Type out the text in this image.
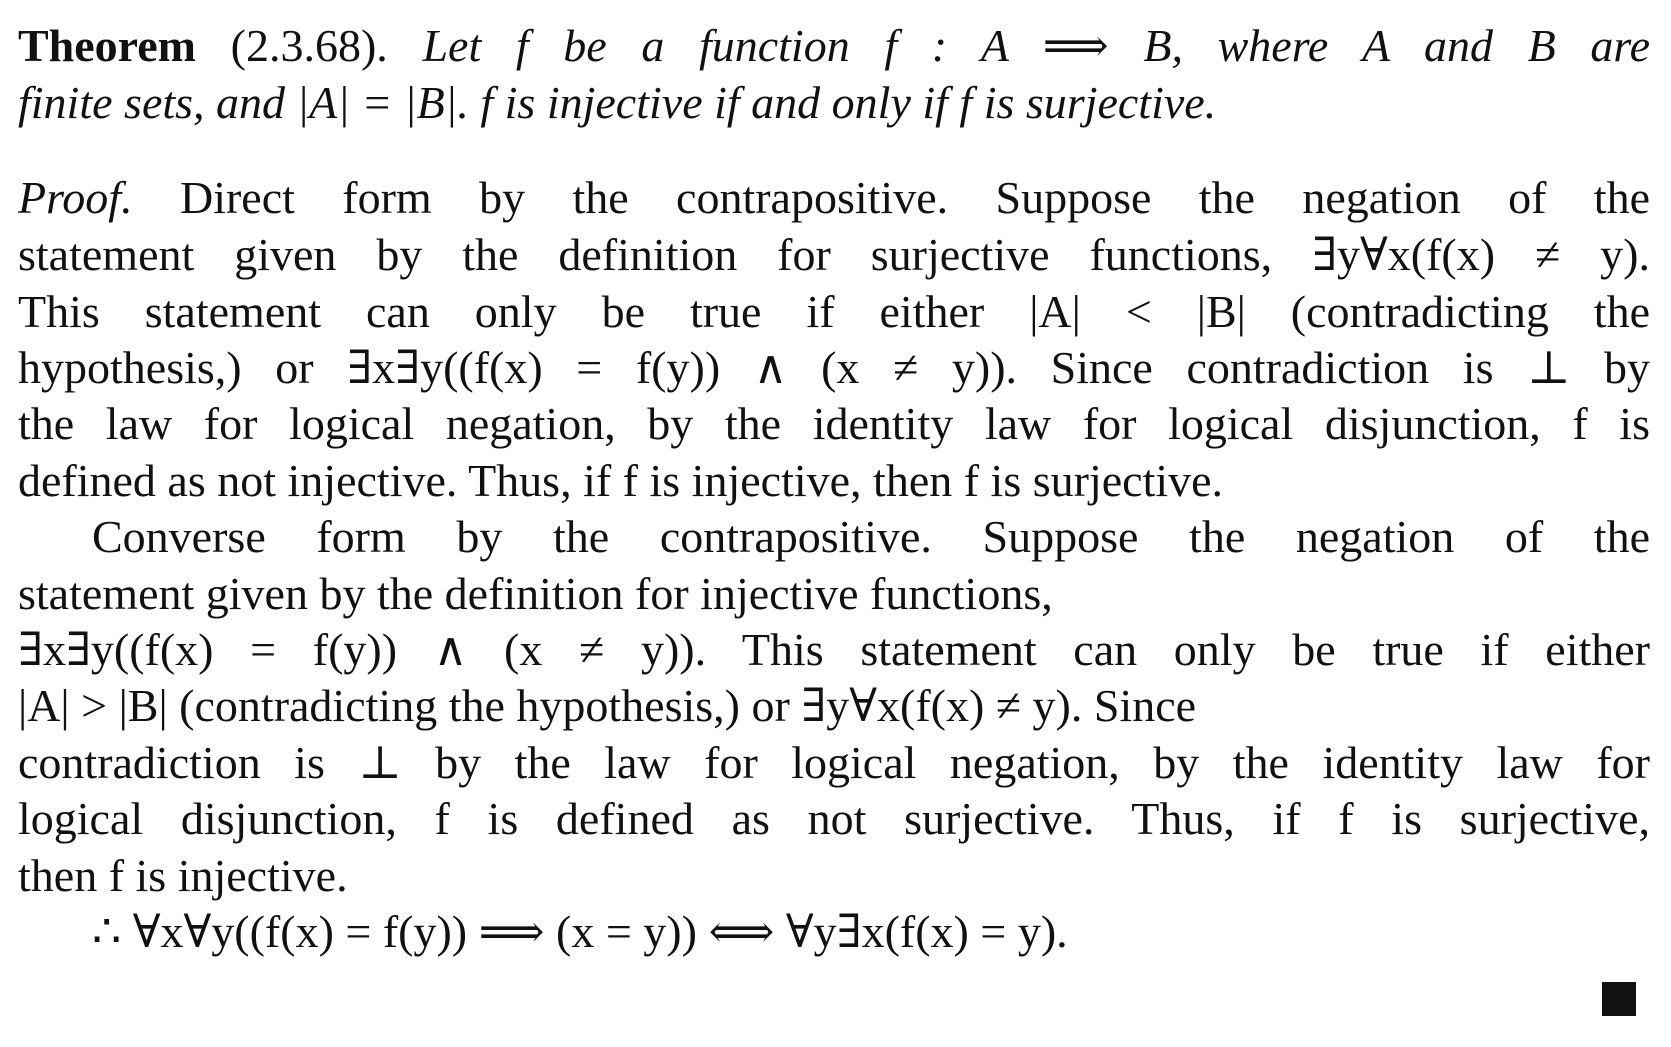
Theorem (2.3.68). Let f be a function f : A ⟹ B, where A and B are
finite sets, and |A| = |B|. f is injective if and only if f is surjective.
Proof. Direct form by the contrapositive. Suppose the negation of the
statement given by the definition for surjective functions, ∃y∀x(f(x) ≠ y).
This statement can only be true if either |A| < |B| (contradicting the
hypothesis,) or ∃x∃y((f(x) = f(y)) ∧ (x ≠ y)). Since contradiction is ⊥ by
the law for logical negation, by the identity law for logical disjunction, f is
defined as not injective. Thus, if f is injective, then f is surjective.
Converse form by the contrapositive. Suppose the negation of the
statement given by the definition for injective functions,
∃x∃y((f(x) = f(y)) ∧ (x ≠ y)). This statement can only be true if either
|A| > |B| (contradicting the hypothesis,) or ∃y∀x(f(x) ≠ y). Since
contradiction is ⊥ by the law for logical negation, by the identity law for
logical disjunction, f is defined as not surjective. Thus, if f is surjective,
then f is injective.
∴ ∀x∀y((f(x) = f(y)) ⟹ (x = y)) ⟺ ∀y∃x(f(x) = y).
